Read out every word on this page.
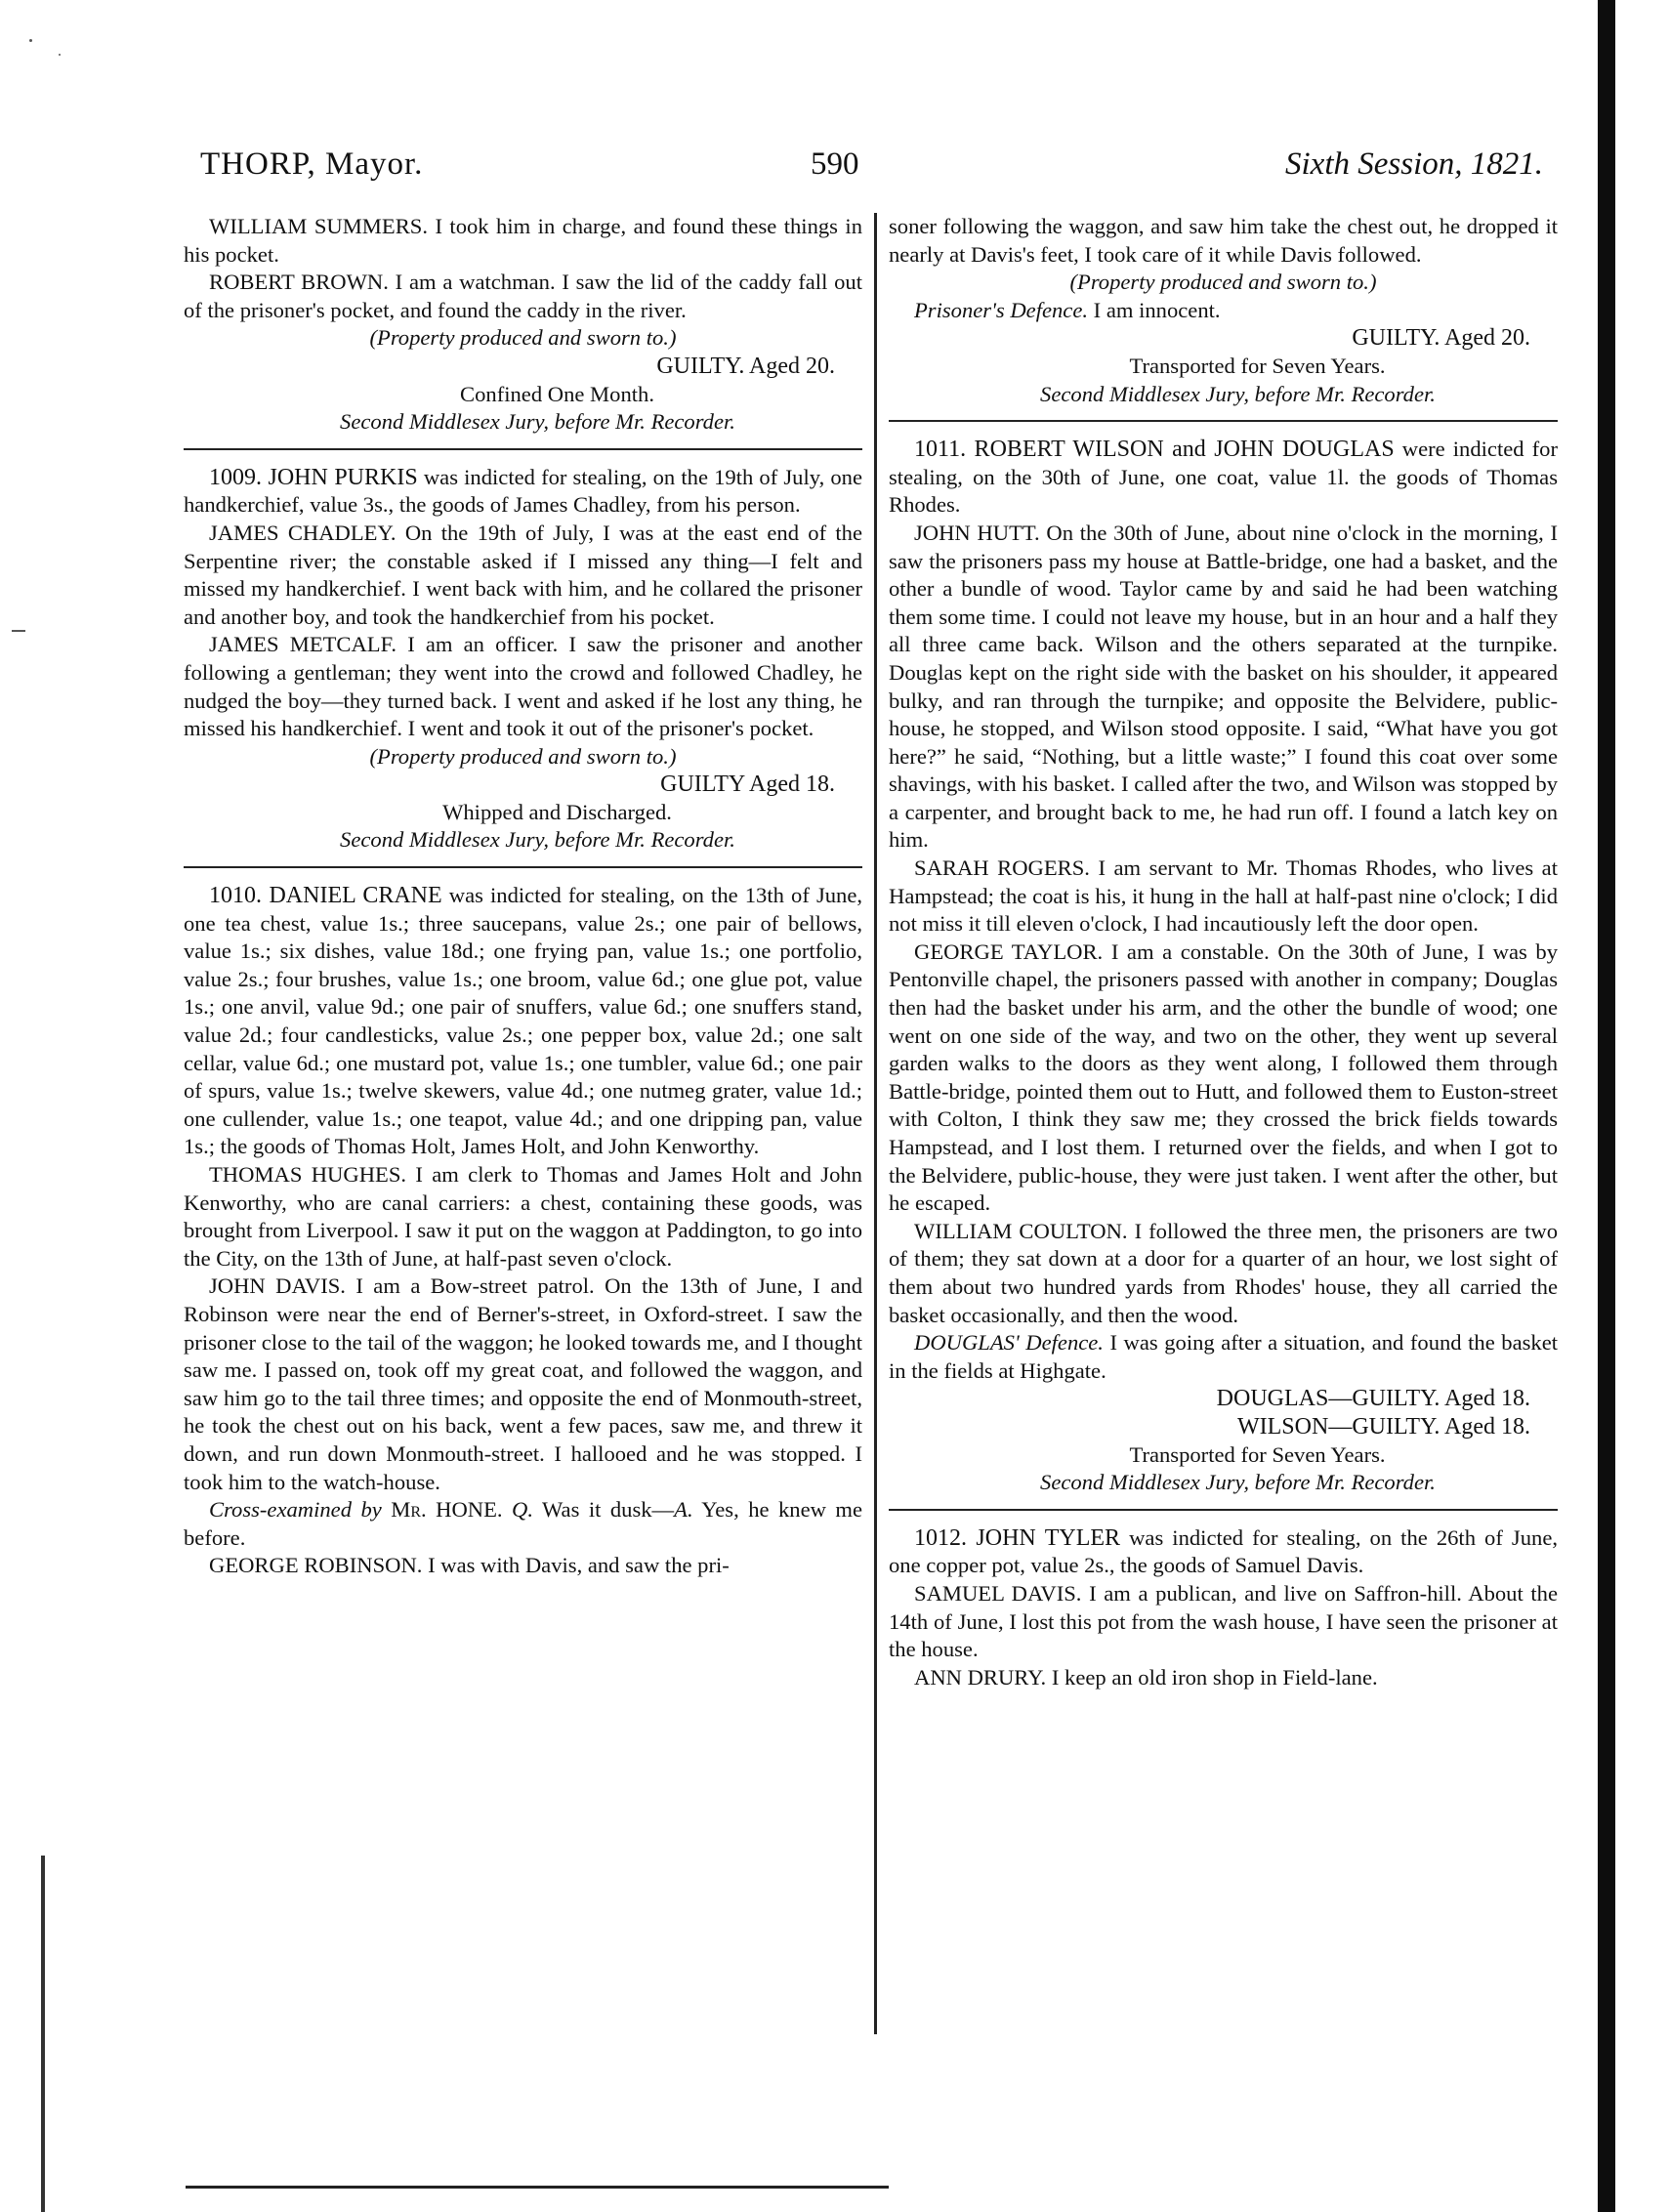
THORP, Mayor.	590	Sixth Session, 1821.

WILLIAM SUMMERS. I took him in charge, and found these things in his pocket.

ROBERT BROWN. I am a watchman. I saw the lid of the caddy fall out of the prisoner's pocket, and found the caddy in the river.

(Property produced and sworn to.)

GUILTY. Aged 20.

Confined One Month.

Second Middlesex Jury, before Mr. Recorder.

1009. JOHN PURKIS was indicted for stealing, on the 19th of July, one handkerchief, value 3s., the goods of James Chadley, from his person.

JAMES CHADLEY. On the 19th of July, I was at the east end of the Serpentine river; the constable asked if I missed any thing—I felt and missed my handkerchief. I went back with him, and he collared the prisoner and another boy, and took the handkerchief from his pocket.

JAMES METCALF. I am an officer. I saw the prisoner and another following a gentleman; they went into the crowd and followed Chadley, he nudged the boy—they turned back. I went and asked if he lost any thing, he missed his handkerchief. I went and took it out of the prisoner's pocket.

(Property produced and sworn to.)

GUILTY Aged 18.

Whipped and Discharged.

Second Middlesex Jury, before Mr. Recorder.

1010. DANIEL CRANE was indicted for stealing, on the 13th of June, one tea chest, value 1s.; three saucepans, value 2s.; one pair of bellows, value 1s.; six dishes, value 18d.; one frying pan, value 1s.; one portfolio, value 2s.; four brushes, value 1s.; one broom, value 6d.; one glue pot, value 1s.; one anvil, value 9d.; one pair of snuffers, value 6d.; one snuffers stand, value 2d.; four candlesticks, value 2s.; one pepper box, value 2d.; one salt cellar, value 6d.; one mustard pot, value 1s.; one tumbler, value 6d.; one pair of spurs, value 1s.; twelve skewers, value 4d.; one nutmeg grater, value 1d.; one cullender, value 1s.; one teapot, value 4d.; and one dripping pan, value 1s.; the goods of Thomas Holt, James Holt, and John Kenworthy.

THOMAS HUGHES. I am clerk to Thomas and James Holt and John Kenworthy, who are canal carriers: a chest, containing these goods, was brought from Liverpool. I saw it put on the waggon at Paddington, to go into the City, on the 13th of June, at half-past seven o'clock.

JOHN DAVIS. I am a Bow-street patrol. On the 13th of June, I and Robinson were near the end of Berner's-street, in Oxford-street. I saw the prisoner close to the tail of the waggon; he looked towards me, and I thought saw me. I passed on, took off my great coat, and followed the waggon, and saw him go to the tail three times; and opposite the end of Monmouth-street, he took the chest out on his back, went a few paces, saw me, and threw it down, and run down Monmouth-street. I hallooed and he was stopped. I took him to the watch-house.

Cross-examined by Mr. HONE. Q. Was it dusk—A. Yes, he knew me before.

GEORGE ROBINSON. I was with Davis, and saw the pri-

soner following the waggon, and saw him take the chest out, he dropped it nearly at Davis's feet, I took care of it while Davis followed.

(Property produced and sworn to.)

Prisoner's Defence. I am innocent.

GUILTY. Aged 20.

Transported for Seven Years.

Second Middlesex Jury, before Mr. Recorder.

1011. ROBERT WILSON and JOHN DOUGLAS were indicted for stealing, on the 30th of June, one coat, value 1l. the goods of Thomas Rhodes.

JOHN HUTT. On the 30th of June, about nine o'clock in the morning, I saw the prisoners pass my house at Battle-bridge, one had a basket, and the other a bundle of wood. Taylor came by and said he had been watching them some time. I could not leave my house, but in an hour and a half they all three came back. Wilson and the others separated at the turnpike. Douglas kept on the right side with the basket on his shoulder, it appeared bulky, and ran through the turnpike; and opposite the Belvidere, public-house, he stopped, and Wilson stood opposite. I said, “What have you got here?” he said, “Nothing, but a little waste;” I found this coat over some shavings, with his basket. I called after the two, and Wilson was stopped by a carpenter, and brought back to me, he had run off. I found a latch key on him.

SARAH ROGERS. I am servant to Mr. Thomas Rhodes, who lives at Hampstead; the coat is his, it hung in the hall at half-past nine o'clock; I did not miss it till eleven o'clock, I had incautiously left the door open.

GEORGE TAYLOR. I am a constable. On the 30th of June, I was by Pentonville chapel, the prisoners passed with another in company; Douglas then had the basket under his arm, and the other the bundle of wood; one went on one side of the way, and two on the other, they went up several garden walks to the doors as they went along, I followed them through Battle-bridge, pointed them out to Hutt, and followed them to Euston-street with Colton, I think they saw me; they crossed the brick fields towards Hampstead, and I lost them. I returned over the fields, and when I got to the Belvidere, public-house, they were just taken. I went after the other, but he escaped.

WILLIAM COULTON. I followed the three men, the prisoners are two of them; they sat down at a door for a quarter of an hour, we lost sight of them about two hundred yards from Rhodes' house, they all carried the basket occasionally, and then the wood.

DOUGLAS' Defence. I was going after a situation, and found the basket in the fields at Highgate.

DOUGLAS—GUILTY. Aged 18.

WILSON—GUILTY. Aged 18.

Transported for Seven Years.

Second Middlesex Jury, before Mr. Recorder.

1012. JOHN TYLER was indicted for stealing, on the 26th of June, one copper pot, value 2s., the goods of Samuel Davis.

SAMUEL DAVIS. I am a publican, and live on Saffron-hill. About the 14th of June, I lost this pot from the wash house, I have seen the prisoner at the house.

ANN DRURY. I keep an old iron shop in Field-lane.
